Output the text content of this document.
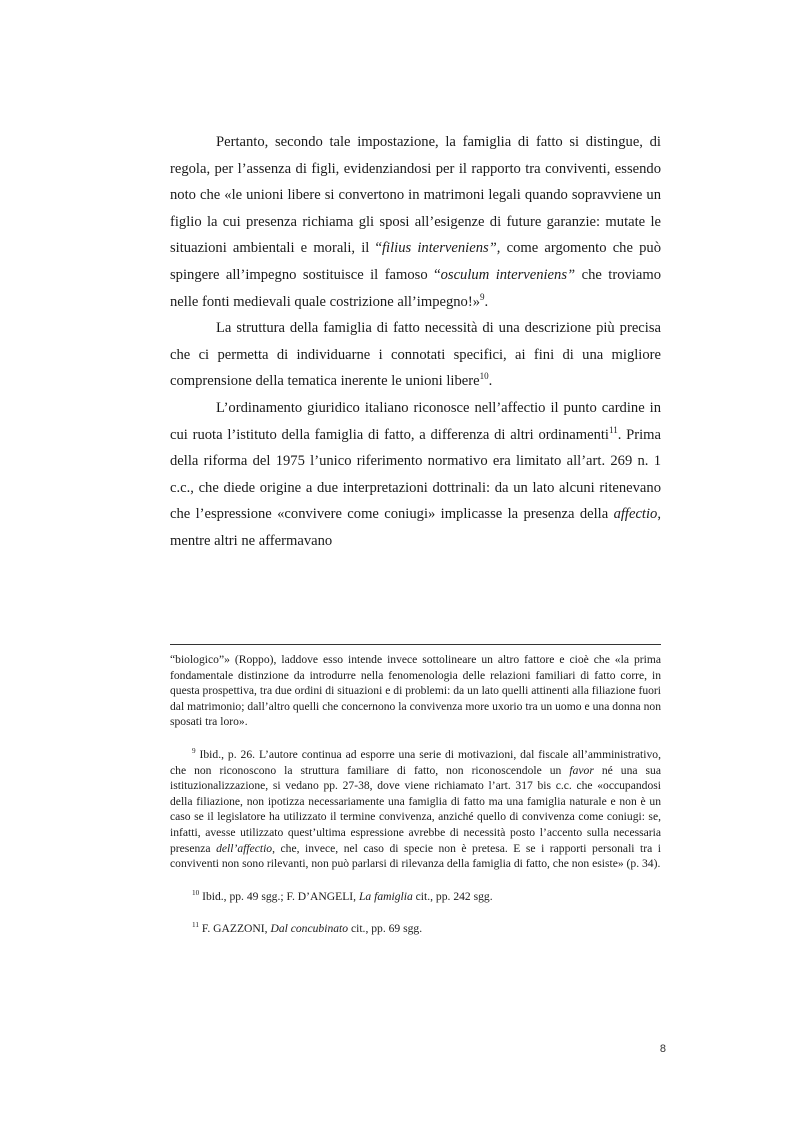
Pertanto, secondo tale impostazione, la famiglia di fatto si distingue, di regola, per l’assenza di figli, evidenziandosi per il rapporto tra conviventi, essendo noto che «le unioni libere si convertono in matrimoni legali quando sopravviene un figlio la cui presenza richiama gli sposi all’esigenze di future garanzie: mutate le situazioni ambientali e morali, il “filius interveniens”, come argomento che può spingere all’impegno sostituisce il famoso “osculum interveniens” che troviamo nelle fonti medievali quale costrizione all’impegno!»$^9$.

La struttura della famiglia di fatto necessità di una descrizione più precisa che ci permetta di individuarne i connotati specifici, ai fini di una migliore comprensione della tematica inerente le unioni libere$^{10}$.

L’ordinamento giuridico italiano riconosce nell’affectio il punto cardine in cui ruota l’istituto della famiglia di fatto, a differenza di altri ordinamenti$^{11}$. Prima della riforma del 1975 l’unico riferimento normativo era limitato all’art. 269 n. 1 c.c., che diede origine a due interpretazioni dottrinali: da un lato alcuni ritenevano che l’espressione «convivere come coniugi» implicasse la presenza della affectio, mentre altri ne affermavano

“biologico”» (Roppo), laddove esso intende invece sottolineare un altro fattore e cioè che «la prima fondamentale distinzione da introdurre nella fenomenologia delle relazioni familiari di fatto corre, in questa prospettiva, tra due ordini di situazioni e di problemi: da un lato quelli attinenti alla filiazione fuori dal matrimonio; dall’altro quelli che concernono la convivenza more uxorio tra un uomo e una donna non sposati tra loro».

$^9$ Ibid., p. 26. L’autore continua ad esporre una serie di motivazioni, dal fiscale all’amministrativo, che non riconoscono la struttura familiare di fatto, non riconoscendole un favor né una sua istituzionalizzazione, si vedano pp. 27-38, dove viene richiamato l’art. 317 bis c.c. che «occupandosi della filiazione, non ipotizza necessariamente una famiglia di fatto ma una famiglia naturale e non è un caso se il legislatore ha utilizzato il termine convivenza, anziché quello di convivenza come coniugi: se, infatti, avesse utilizzato quest’ultima espressione avrebbe di necessità posto l’accento sulla necessaria presenza dell’affectio, che, invece, nel caso di specie non è pretesa. E se i rapporti personali tra i conviventi non sono rilevanti, non può parlarsi di rilevanza della famiglia di fatto, che non esiste» (p. 34).

$^{10}$ Ibid., pp. 49 sgg.; F. D’ANGELI, La famiglia cit., pp. 242 sgg.

$^{11}$ F. GAZZONI, Dal concubinato cit., pp. 69 sgg.

8
